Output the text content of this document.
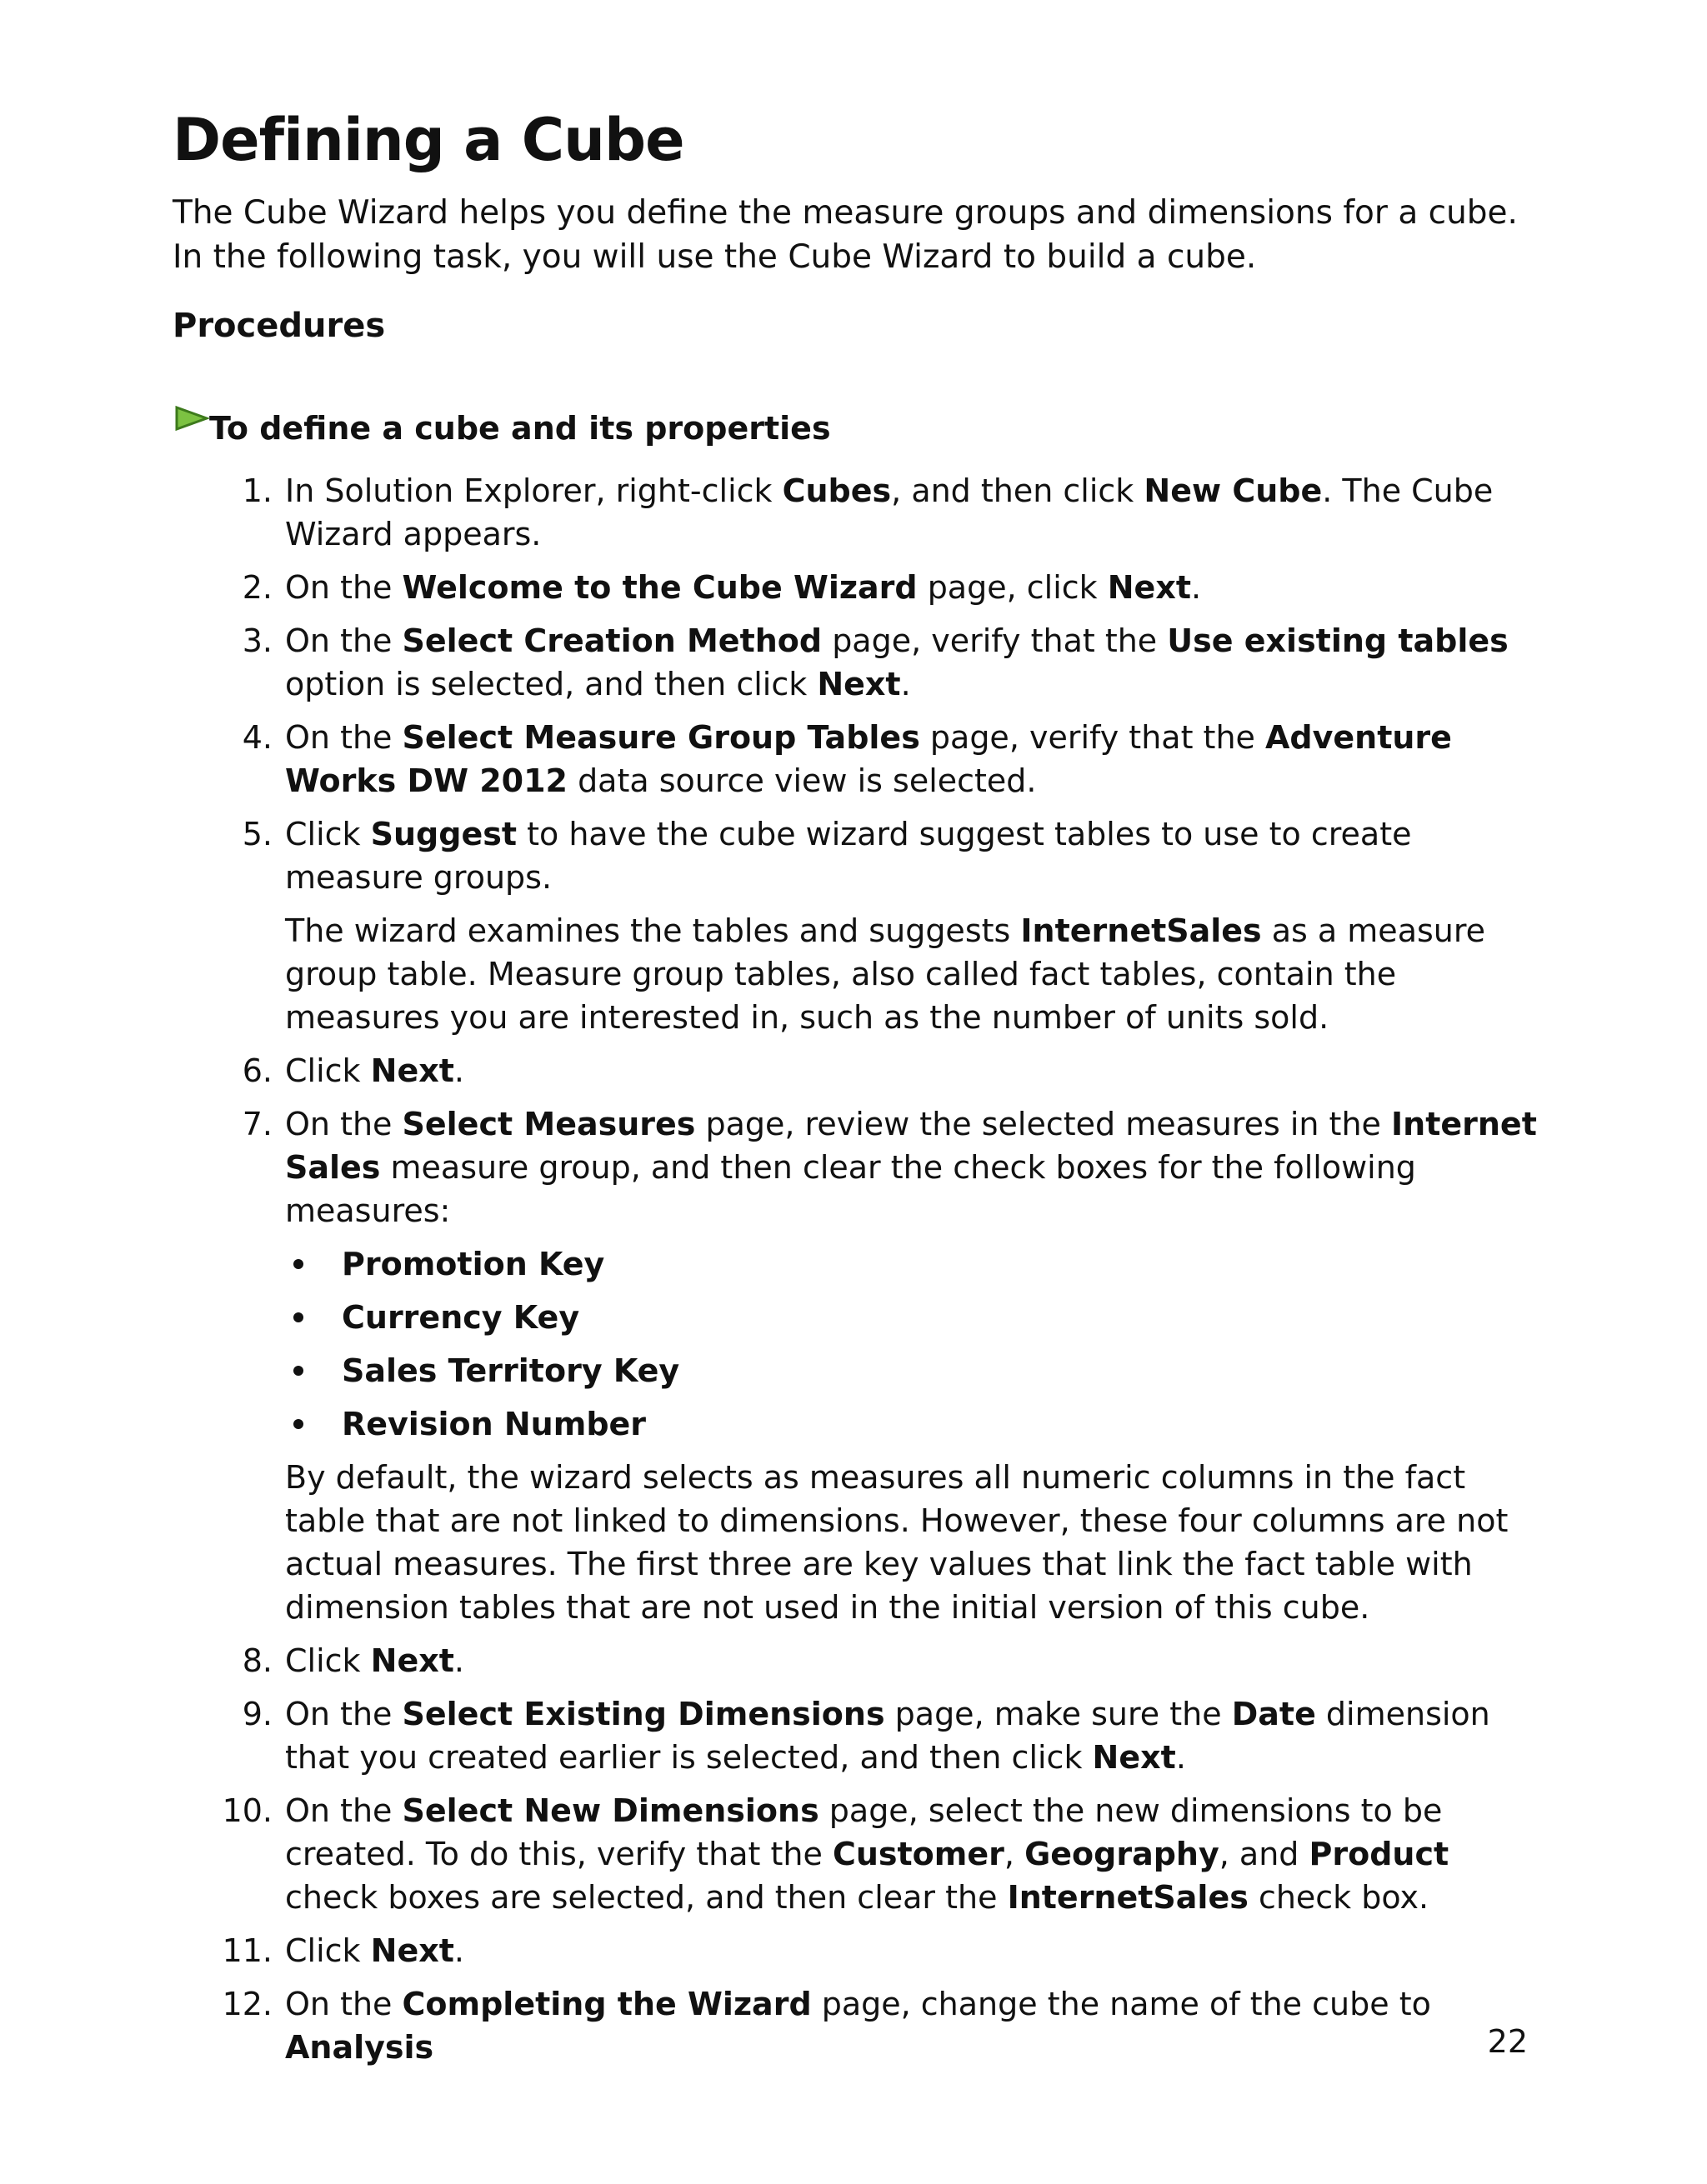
Defining a Cube

The Cube Wizard helps you define the measure groups and dimensions for a cube. In the following task, you will use the Cube Wizard to build a cube.

Procedures
To define a cube and its properties
1. In Solution Explorer, right-click Cubes, and then click New Cube. The Cube Wizard appears.
2. On the Welcome to the Cube Wizard page, click Next.
3. On the Select Creation Method page, verify that the Use existing tables option is selected, and then click Next.
4. On the Select Measure Group Tables page, verify that the Adventure Works DW 2012 data source view is selected.
5. Click Suggest to have the cube wizard suggest tables to use to create measure groups.
The wizard examines the tables and suggests InternetSales as a measure group table. Measure group tables, also called fact tables, contain the measures you are interested in, such as the number of units sold.
6. Click Next.
7. On the Select Measures page, review the selected measures in the Internet Sales measure group, and then clear the check boxes for the following measures:
Promotion Key
Currency Key
Sales Territory Key
Revision Number
By default, the wizard selects as measures all numeric columns in the fact table that are not linked to dimensions. However, these four columns are not actual measures. The first three are key values that link the fact table with dimension tables that are not used in the initial version of this cube.
8. Click Next.
9. On the Select Existing Dimensions page, make sure the Date dimension that you created earlier is selected, and then click Next.
10. On the Select New Dimensions page, select the new dimensions to be created. To do this, verify that the Customer, Geography, and Product check boxes are selected, and then clear the InternetSales check box.
11. Click Next.
12. On the Completing the Wizard page, change the name of the cube to Analysis	22
